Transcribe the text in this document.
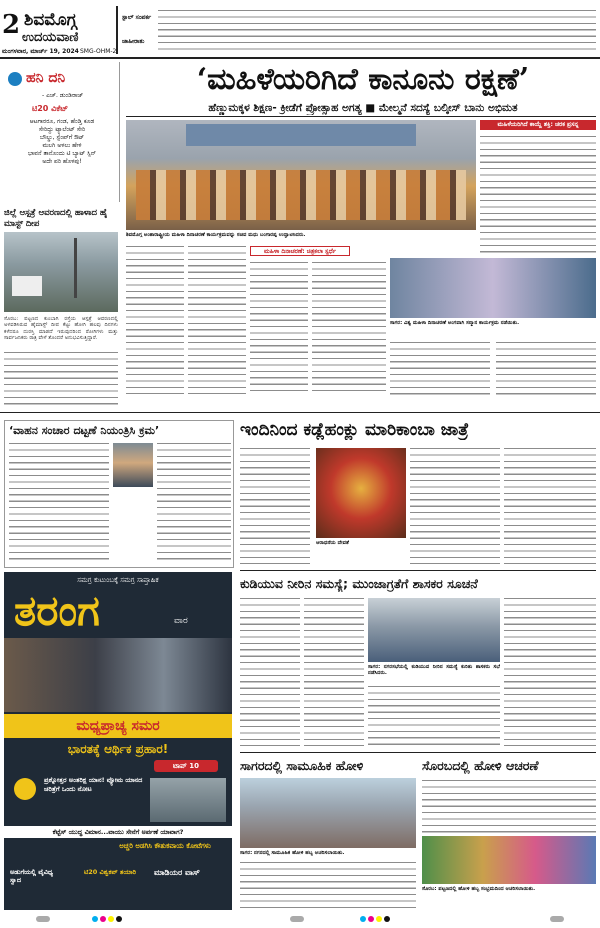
2 ಶಿವಮೊಗ್ಗ
ಉದಯವಾಣಿ
ಮಂಗಳವಾರ, ಮಾರ್ಚ್ 19, 2024 SMG-OHM-2
ಸ್ಟಾಲ್ ಸಂಪರ್ಕ
ಜಾಹೀರಾತು
ಹನಿ ದನಿ
- ಎಚ್. ಡುಂಡಿರಾಜ್
ಟಿ20 ವಿಕೆಟ್
ಆಟಗಾರರೂ, ಗಂಡ, ಹೆಂಡ್ತಿ ಕೂಡ
ಸೇರಿದ್ದು ಟ್ಯಾಲೆಂಟ್ ಸೇರಿ
ಬೌಲ್ಡು, ಸ್ಟೆಂಪ್‌ಗೆ ಔಟ್
ಮಲಗಿ ಅಳಲು ಹೇಳಿ
ಭಾವನೆ ತಾನೊಂದು ಟಿ ಬ್ಯಾಟ್ ಸ್ಪಿನ್
ಅದೇ ಪರಿ ಹೊಳಪು!
ಜಿಲ್ಲೆ ಆಸ್ಪತ್ರೆ ಆವರಣದಲ್ಲಿ ಹಾಳಾದ ಹೈ ಮಾಸ್ಟ್ ದೀಪ
ಸೊರಬ: ಪಟ್ಟಣದ ಕುಂಬಾಗಿ ರಸ್ತೆಯ ಆಸ್ಪತ್ರೆ ಆವರಣದಲ್ಲಿ ಅಳವಡಿಸಿರುವ ಹೈಮಾಸ್ಟ್ ದೀಪ ಕೆಟ್ಟು ಹೋಗಿ ಹಲವು ದಿನಗಳು ಕಳೆದರೂ ದುರಸ್ತಿ ಮಾಡದೆ ಇರುವುದರಿಂದ ರೋಗಿಗಳು ಮತ್ತು ಸಾರ್ವಜನಿಕರು ರಾತ್ರಿ ವೇಳೆ ತೊಂದರೆ ಅನುಭವಿಸುತ್ತಿದ್ದಾರೆ.
‘ಮಹಿಳೆಯರಿಗಿದೆ ಕಾನೂನು ರಕ್ಷಣೆ’
ಹೆಣ್ಣುಮಕ್ಕಳ ಶಿಕ್ಷಣ- ಕ್ರೀಡೆಗೆ ಪ್ರೋತ್ಸಾಹ ಅಗತ್ಯ ■ ಮೇಲ್ಮನೆ ಸದಸ್ಯೆ ಬಲ್ಕೀಸ್ ಬಾನು ಅಭಿಮತ
ಶಿವಮೊಗ್ಗ ಅಂತಾರಾಷ್ಟ್ರೀಯ ಮಹಿಳಾ ದಿನಾಚರಣೆ ಕಾರ್ಯಕ್ರಮವನ್ನು ಸಚಿವ ಮಧು ಬಂಗಾರಪ್ಪ ಉದ್ಘಾಟಿಸಿದರು.
ಮಹಿಳೆಯರಿಗಿದೆ ಕಾಯ್ದೆ ಶಕ್ತಿ: ಚರಕ ಪ್ರಸನ್ನ
ಮಹಿಳಾ ದಿನಾಚರಣೆ: ಚಿತ್ರಕಲಾ ಸ್ಪರ್ಧೆ
ಸಾಗರ: ವಿಶ್ವ ಮಹಿಳಾ ದಿನಾಚರಣೆ ಅಂಗವಾಗಿ ಸನ್ಮಾನ ಕಾರ್ಯಕ್ರಮ ನಡೆಯಿತು.
ಇಂದಿನಿಂದ ಕಡ್ಲೆಹಂಕ್ಲು ಮಾರಿಕಾಂಬಾ ಜಾತ್ರೆ
ಆರಾಧನೆಯ ದೇವತೆ
‘ವಾಹನ ಸಂಚಾರ ದಟ್ಟಣೆ ನಿಯಂತ್ರಿಸಿ ಕ್ರಮ’
ಸಮಗ್ರ ಕುಟುಂಬಕ್ಕೆ ಸಮಗ್ರ ಸಾಪ್ತಾಹಿಕ
ತರಂಗ	ವಾರ
ಮಧ್ಯಪ್ರಾಚ್ಯ ಸಮರ
ಭಾರತಕ್ಕೆ ಆರ್ಥಿಕ ಪ್ರಹಾರ!
ಟಾಪ್ 10
ಪ್ರಶ್ನೋತ್ತರ ಅಂತರಿಕ್ಷ ಯಾನ! ವ್ಯೋಮ ಯಾನದ ಚರಿತ್ರೆಗೆ ಒಂದು ನೋಟ
ಕೆಟ್ಟೆಸ್ ಯುದ್ಧ ವಿಮಾನ...ವಾಯು ಸೇನೆಗೆ ಅರ್ಪಣೆ ಯಾವಾಗ?
ಅಚ್ಚರಿ ಅಡಗಿಸಿ ಕೌತುಕವಾಯ ಕೋಟೆಗಳು
ಅಡುಗೆಯಲ್ಲಿ ವೈವಿಧ್ಯ ಸ್ವಾದ
ಟಿ20 ವಿಶ್ವಕಪ್ ತಯಾರಿ ಮಾಡಿಯರ ವಾಸ್
ಕುಡಿಯುವ ನೀರಿನ ಸಮಸ್ಯೆ; ಮುಂಜಾಗ್ರತೆಗೆ ಶಾಸಕರ ಸೂಚನೆ
ಸಾಗರ: ನಗರಸಭೆಯಲ್ಲಿ ಕುಡಿಯುವ ನೀರಿನ ಸಮಸ್ಯೆ ಕುರಿತು ಶಾಸಕರು ಸಭೆ ನಡೆಸಿದರು.
ಸಾಗರದಲ್ಲಿ ಸಾಮೂಹಿಕ ಹೋಳಿ
ಸಾಗರ: ನಗರದಲ್ಲಿ ಸಾಮೂಹಿಕ ಹೋಳಿ ಹಬ್ಬ ಆಚರಿಸಲಾಯಿತು.
ಸೊರಬದಲ್ಲಿ ಹೋಳಿ ಆಚರಣೆ
ಸೊರಬ: ಪಟ್ಟಣದಲ್ಲಿ ಹೋಳಿ ಹಬ್ಬ ಸಂಭ್ರಮದಿಂದ ಆಚರಿಸಲಾಯಿತು.
